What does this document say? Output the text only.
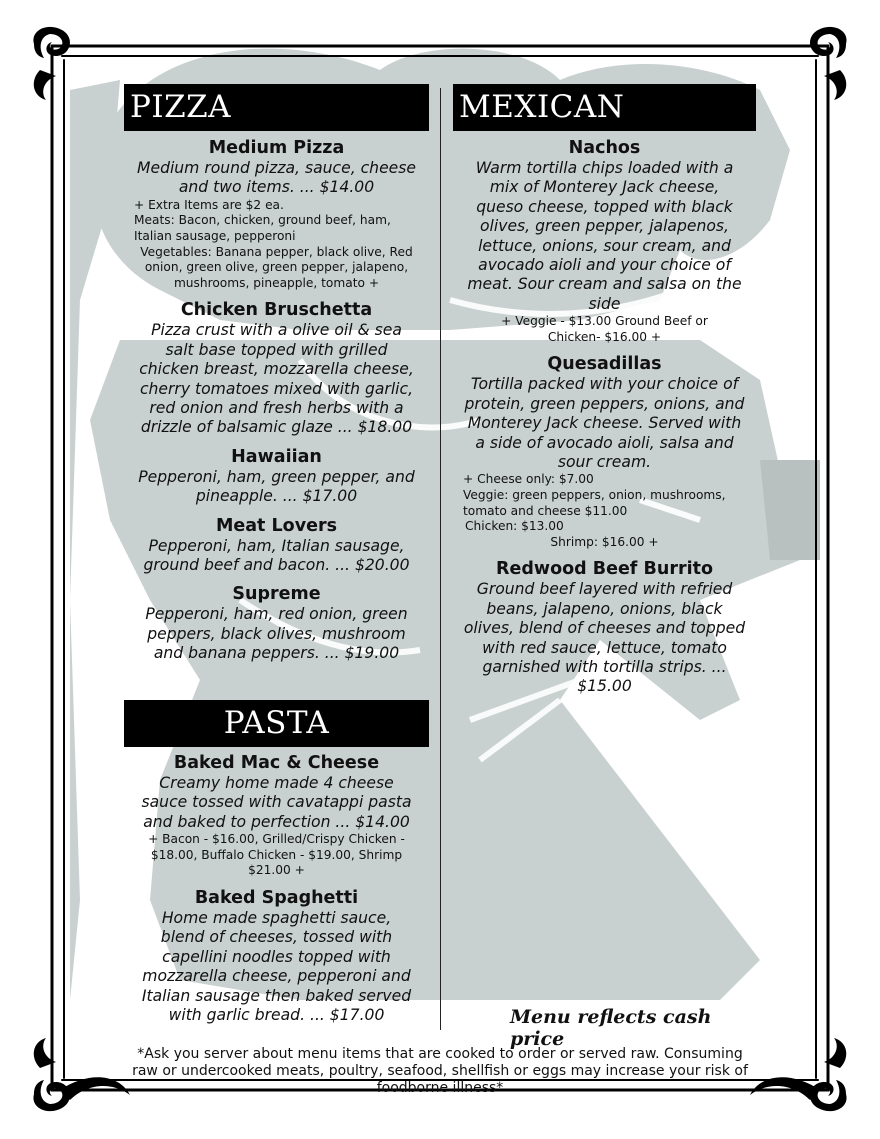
PIZZA
Medium Pizza
Medium round pizza, sauce, cheese and two items. ... $14.00
+ Extra Items are $2 ea.
Meats: Bacon, chicken, ground beef, ham, Italian sausage, pepperoni
Vegetables: Banana pepper, black olive, Red onion, green olive, green pepper, jalapeno, mushrooms, pineapple, tomato +
Chicken Bruschetta
Pizza crust with a olive oil & sea salt base topped with grilled chicken breast, mozzarella cheese, cherry tomatoes mixed with garlic, red onion and fresh herbs with a drizzle of balsamic glaze ... $18.00
Hawaiian
Pepperoni, ham, green pepper, and pineapple. ... $17.00
Meat Lovers
Pepperoni, ham, Italian sausage, ground beef and bacon. ... $20.00
Supreme
Pepperoni, ham, red onion, green peppers, black olives, mushroom and banana peppers. ... $19.00
PASTA
Baked Mac & Cheese
Creamy home made 4 cheese sauce tossed with cavatappi pasta and baked to perfection ... $14.00
+ Bacon - $16.00, Grilled/Crispy Chicken - $18.00, Buffalo Chicken - $19.00, Shrimp $21.00 +
Baked Spaghetti
Home made spaghetti sauce, blend of cheeses, tossed with capellini noodles topped with mozzarella cheese, pepperoni and Italian sausage then baked served with garlic bread. ... $17.00
MEXICAN
Nachos
Warm tortilla chips loaded with a mix of Monterey Jack cheese, queso cheese, topped with black olives, green pepper, jalapenos, lettuce, onions, sour cream, and avocado aioli and your choice of meat. Sour cream and salsa on the side
+ Veggie - $13.00 Ground Beef or Chicken- $16.00 +
Quesadillas
Tortilla packed with your choice of protein, green peppers, onions, and Monterey Jack cheese. Served with a side of avocado aioli, salsa and sour cream.
+ Cheese only: $7.00
Veggie: green peppers, onion, mushrooms, tomato and cheese $11.00
Chicken: $13.00
Shrimp: $16.00 +
Redwood Beef Burrito
Ground beef layered with refried beans, jalapeno, onions, black olives, blend of cheeses and topped with red sauce, lettuce, tomato garnished with tortilla strips. ... $15.00
Menu reflects cash price
*Ask you server about menu items that are cooked to order or served raw. Consuming raw or undercooked meats, poultry, seafood, shellfish or eggs may increase your risk of foodborne illness*
